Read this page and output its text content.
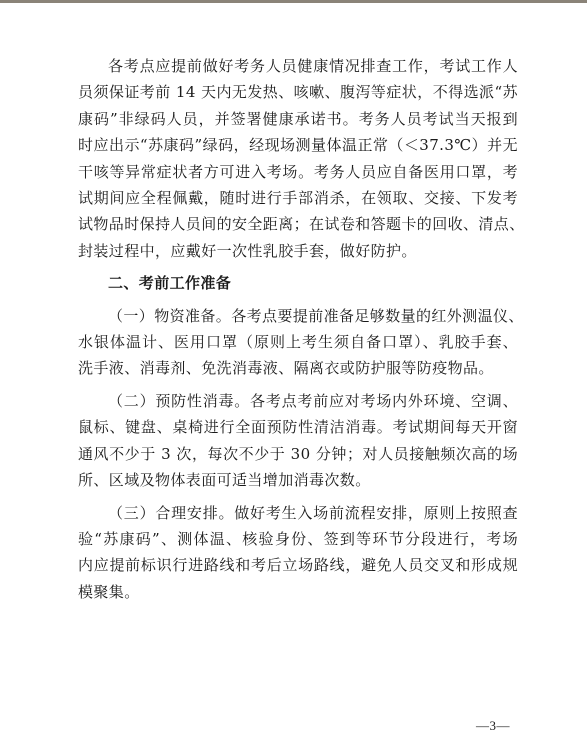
各考点应提前做好考务人员健康情况排查工作，考试工作人
员须保证考前 14 天内无发热、咳嗽、腹泻等症状，不得选派“苏
康码”非绿码人员，并签署健康承诺书。考务人员考试当天报到
时应出示“苏康码”绿码，经现场测量体温正常（＜37.3℃）并无
干咳等异常症状者方可进入考场。考务人员应自备医用口罩，考
试期间应全程佩戴，随时进行手部消杀，在领取、交接、下发考
试物品时保持人员间的安全距离；在试卷和答题卡的回收、清点、
封装过程中，应戴好一次性乳胶手套，做好防护。
二、考前工作准备
（一）物资准备。各考点要提前准备足够数量的红外测温仪、
水银体温计、医用口罩（原则上考生须自备口罩）、乳胶手套、
洗手液、消毒剂、免洗消毒液、隔离衣或防护服等防疫物品。
（二）预防性消毒。各考点考前应对考场内外环境、空调、
鼠标、键盘、桌椅进行全面预防性清洁消毒。考试期间每天开窗
通风不少于 3 次，每次不少于 30 分钟；对人员接触频次高的场
所、区域及物体表面可适当增加消毒次数。
（三）合理安排。做好考生入场前流程安排，原则上按照查
验“苏康码”、测体温、核验身份、签到等环节分段进行，考场
内应提前标识行进路线和考后立场路线，避免人员交叉和形成规
模聚集。
—3—
